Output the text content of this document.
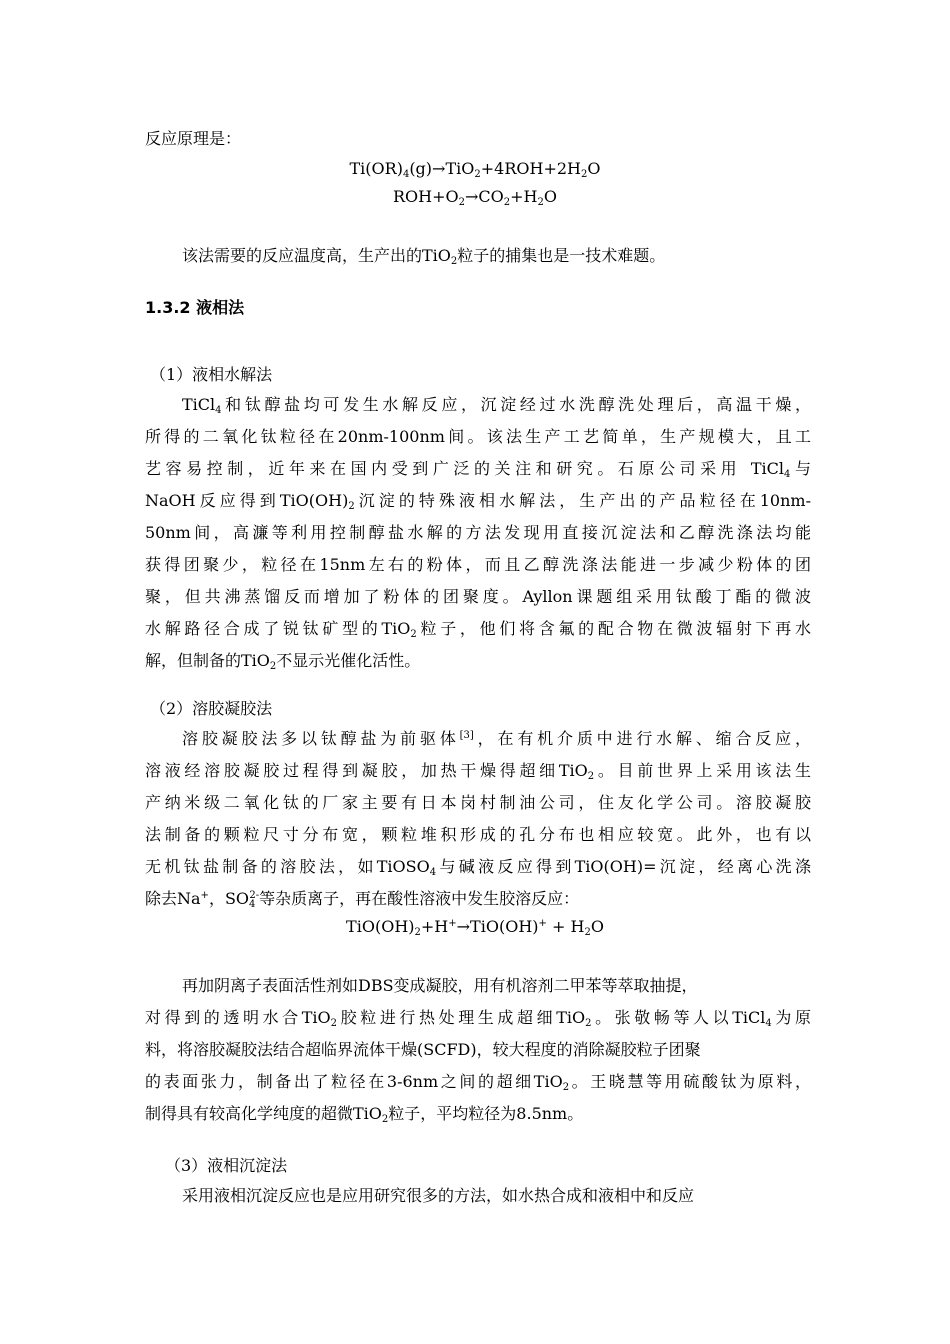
反应原理是：
$Ti(OR)_4(g)\to TiO_2+4ROH+2H_2O$
$ROH+O_2\to CO_2+H_2O$
该法需要的反应温度高，生产出的TiO$_2$粒子的捕集也是一技术难题。
1.3.2 液相法
（1）液相水解法
TiCl$_4$和钛醇盐均可发生水解反应，沉淀经过水洗醇洗处理后，高温干燥，
所得的二氧化钛粒径在20nm-100nm间。该法生产工艺简单，生产规模大，且工
艺容易控制，近年来在国内受到广泛的关注和研究。石原公司采用 TiCl$_4$与
NaOH反应得到$TiO(OH)_2$沉淀的特殊液相水解法，生产出的产品粒径在10nm-
50nm间，高濂等利用控制醇盐水解的方法发现用直接沉淀法和乙醇洗涤法均能
获得团聚少，粒径在15nm左右的粉体，而且乙醇洗涤法能进一步减少粉体的团
聚，但共沸蒸馏反而增加了粉体的团聚度。Ayllon课题组采用钛酸丁酯的微波
水解路径合成了锐钛矿型的TiO$_2$粒子，他们将含氟的配合物在微波辐射下再水
解，但制备的TiO$_2$不显示光催化活性。
（2）溶胶凝胶法
溶胶凝胶法多以钛醇盐为前驱体[3]，在有机介质中进行水解、缩合反应，
溶液经溶胶凝胶过程得到凝胶，加热干燥得超细TiO$_2$。目前世界上采用该法生
产纳米级二氧化钛的厂家主要有日本岗村制油公司，住友化学公司。溶胶凝胶
法制备的颗粒尺寸分布宽，颗粒堆积形成的孔分布也相应较宽。此外，也有以
无机钛盐制备的溶胶法，如TiOSO$_4$与碱液反应得到TiO(OH)=沉淀，经离心洗涤
除去Na+，$SO_4^{2-}$等杂质离子，再在酸性溶液中发生胶溶反应：
$TiO(OH)_2+H^+\to TiO(OH)^+ + H_2O$
再加阴离子表面活性剂如DBS变成凝胶，用有机溶剂二甲苯等萃取抽提，
对得到的透明水合TiO$_2$胶粒进行热处理生成超细TiO$_2$。张敬畅等人以TiCl$_4$为原
料，将溶胶凝胶法结合超临界流体干燥(SCFD)，较大程度的消除凝胶粒子团聚
的表面张力，制备出了粒径在3-6nm之间的超细TiO$_2$。王晓慧等用硫酸钛为原料，
制得具有较高化学纯度的超微TiO$_2$粒子，平均粒径为8.5nm。
（3）液相沉淀法
采用液相沉淀反应也是应用研究很多的方法，如水热合成和液相中和反应
